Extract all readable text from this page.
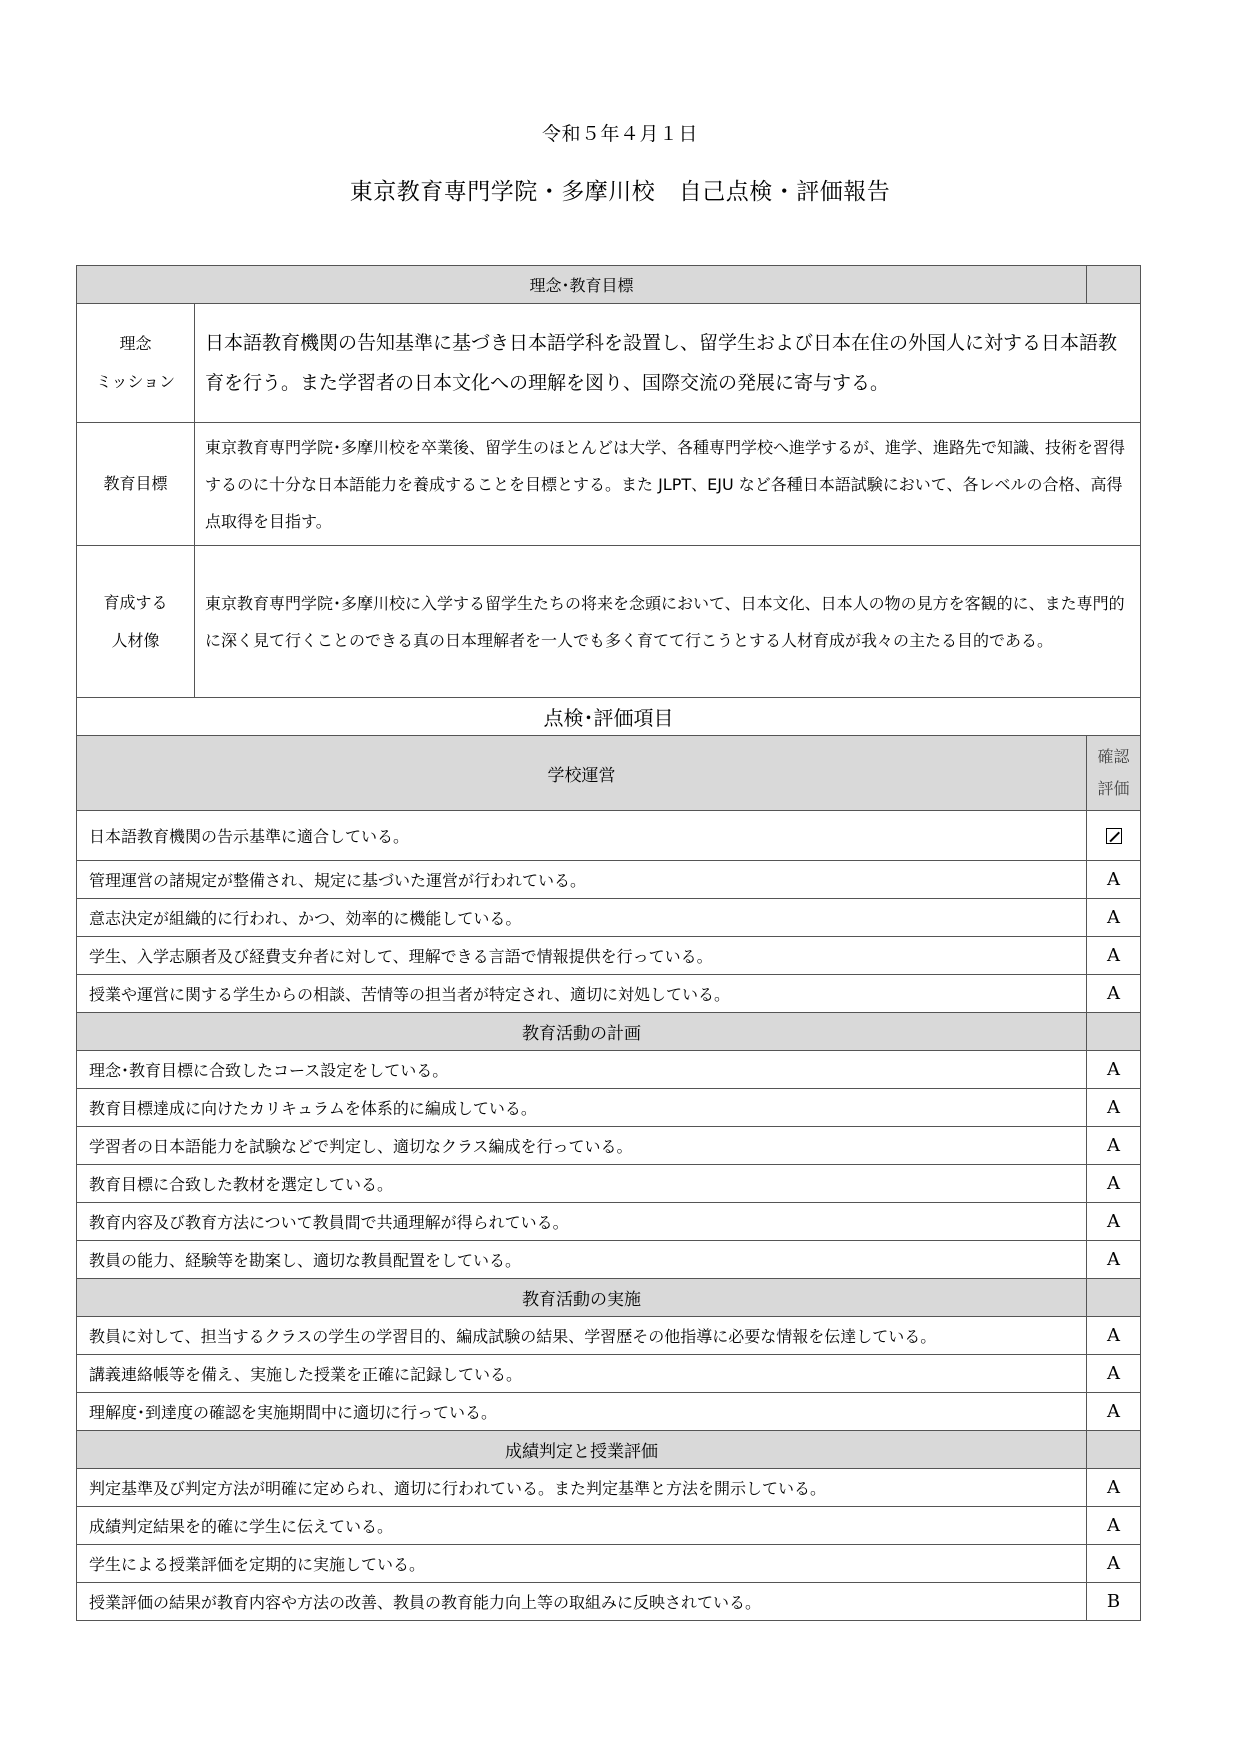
令和５年４月１日
東京教育専門学院・多摩川校　自己点検・評価報告
理念･教育目標		

理念
ミッション	日本語教育機関の告知基準に基づき日本語学科を設置し、留学生および日本在住の外国人に対する日本語教育を行う。また学習者の日本文化への理解を図り、国際交流の発展に寄与する。	

教育目標	東京教育専門学院･多摩川校を卒業後、留学生のほとんどは大学、各種専門学校へ進学するが、進学、進路先で知識、技術を習得するのに十分な日本語能力を養成することを目標とする。また JLPT、EJU など各種日本語試験において、各レベルの合格、高得点取得を目指す。	

育成する
人材像	東京教育専門学院･多摩川校に入学する留学生たちの将来を念頭において、日本文化、日本人の物の見方を客観的に、また専門的に深く見て行くことのできる真の日本理解者を一人でも多く育てて行こうとする人材育成が我々の主たる目的である。	
点検･評価項目		
学校運営		確認
評価

日本語教育機関の告示基準に適合している。		
管理運営の諸規定が整備され、規定に基づいた運営が行われている。		A
意志決定が組織的に行われ、かつ、効率的に機能している。		A
学生、入学志願者及び経費支弁者に対して、理解できる言語で情報提供を行っている。		A
授業や運営に関する学生からの相談、苦情等の担当者が特定され、適切に対処している。		A
教育活動の計画		
理念･教育目標に合致したコース設定をしている。		A
教育目標達成に向けたカリキュラムを体系的に編成している。		A
学習者の日本語能力を試験などで判定し、適切なクラス編成を行っている。		A
教育目標に合致した教材を選定している。		A
教育内容及び教育方法について教員間で共通理解が得られている。		A
教員の能力、経験等を勘案し、適切な教員配置をしている。		A
教育活動の実施		
教員に対して、担当するクラスの学生の学習目的、編成試験の結果、学習歴その他指導に必要な情報を伝達している。		A
講義連絡帳等を備え、実施した授業を正確に記録している。		A
理解度･到達度の確認を実施期間中に適切に行っている。		A
成績判定と授業評価		
判定基準及び判定方法が明確に定められ、適切に行われている。また判定基準と方法を開示している。		A
成績判定結果を的確に学生に伝えている。		A
学生による授業評価を定期的に実施している。		A
授業評価の結果が教育内容や方法の改善、教員の教育能力向上等の取組みに反映されている。		B
